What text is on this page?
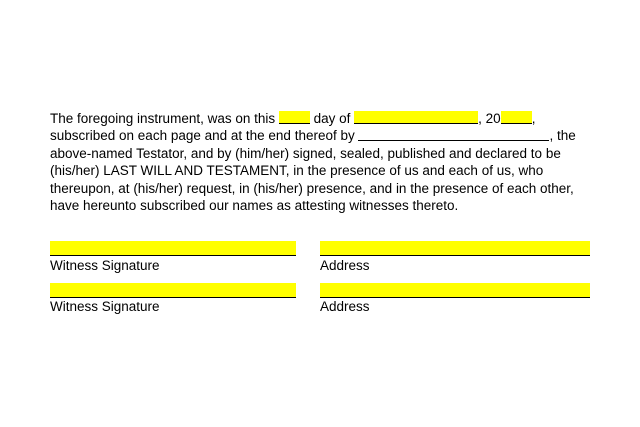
The foregoing instrument, was on this  day of	, 20 ,
subscribed on each page and at the end thereof by	, the
above-named Testator, and by (him/her) signed, sealed, published and declared to be
(his/her) LAST WILL AND TESTAMENT, in the presence of us and each of us, who
thereupon, at (his/her) request, in (his/her) presence, and in the presence of each other,
have hereunto subscribed our names as attesting witnesses thereto.

Witness Signature	Address
Witness Signature	Address
